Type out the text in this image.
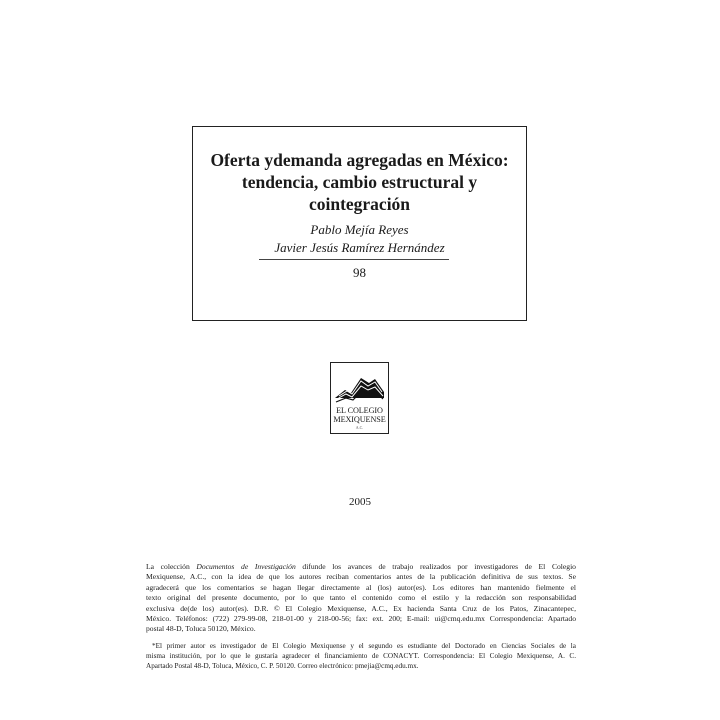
Oferta ydemanda agregadas en México:
tendencia, cambio estructural y
cointegración
Pablo Mejía Reyes
Javier Jesús Ramírez Hernández
98
EL COLEGIO
MEXIQUENSE
A.C.
2005
La colección Documentos de Investigación difunde los avances de trabajo realizados por investigadores de El Colegio
Mexiquense, A.C., con la idea de que los autores reciban comentarios antes de la publicación definitiva de sus textos. Se
agradecerá que los comentarios se hagan llegar directamente al (los) autor(es). Los editores han mantenido fielmente el
texto original del presente documento, por lo que tanto el contenido como el estilo y la redacción son responsabilidad
exclusiva de(de los) autor(es). D.R. © El Colegio Mexiquense, A.C., Ex hacienda Santa Cruz de los Patos, Zinacantepec,
México. Teléfonos: (722) 279-99-08, 218-01-00 y 218-00-56; fax: ext. 200; E-mail: ui@cmq.edu.mx Correspondencia: Apartado
postal 48-D, Toluca 50120, México.
*El primer autor es investigador de El Colegio Mexiquense y el segundo es estudiante del Doctorado en Ciencias Sociales de la
misma institución, por lo que le gustaría agradecer el financiamiento de CONACYT. Correspondencia: El Colegio Mexiquense, A. C.
Apartado Postal 48-D, Toluca, México, C. P. 50120. Correo electrónico: pmejia@cmq.edu.mx.
